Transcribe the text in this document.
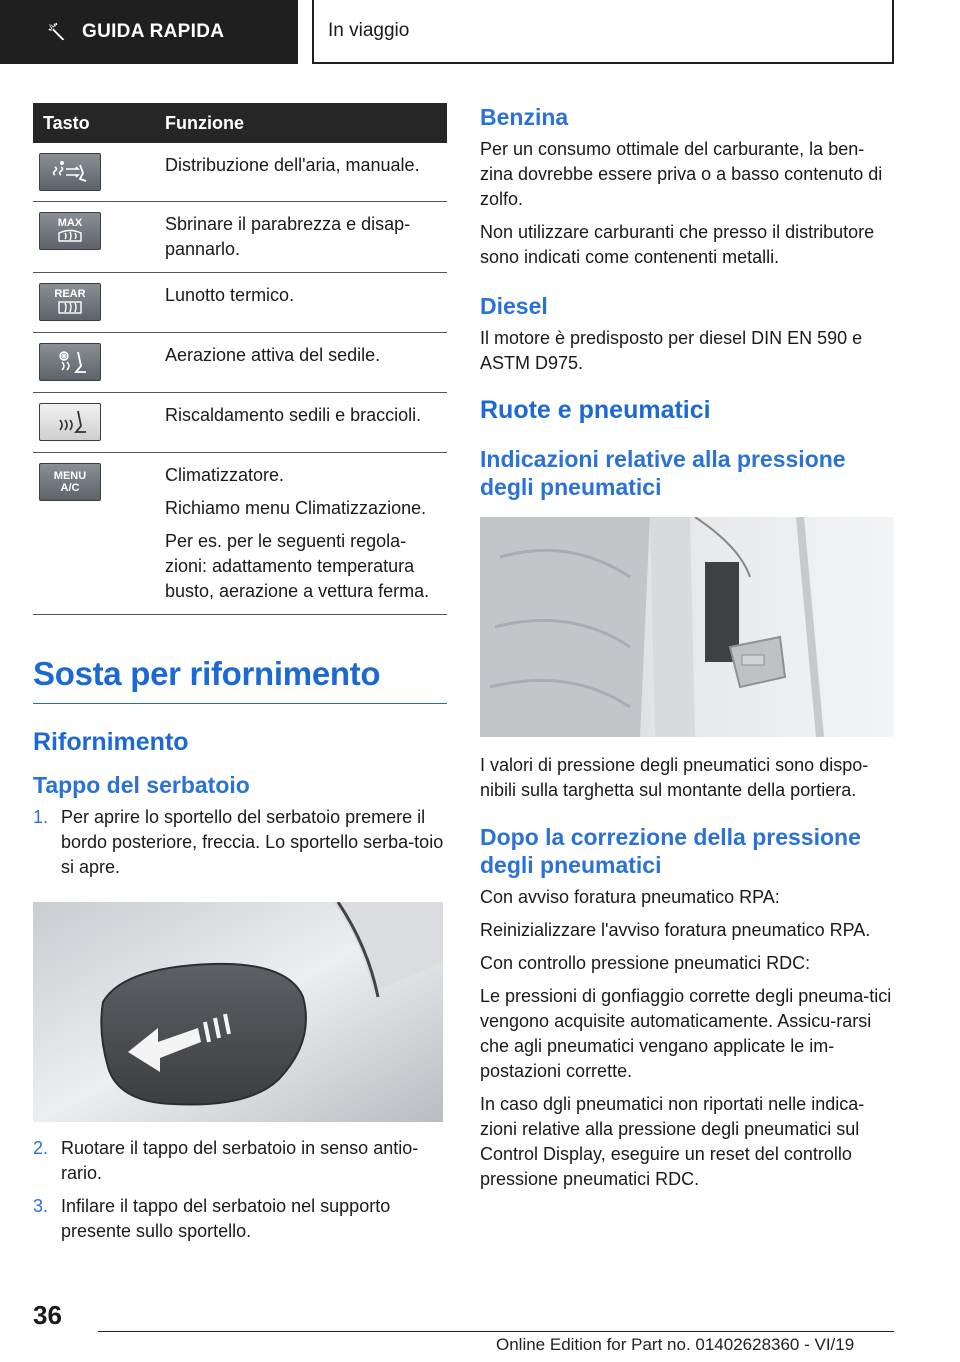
GUIDA RAPIDA	In viaggio
Tasto	Funzione

Distribuzione dell'aria, manuale.

MAX	Sbrinare il parabrezza e disap-pannarlo.

REAR	Lunotto termico.

Aerazione attiva del sedile.

Riscaldamento sedili e braccioli.

MENU A/C	Climatizzatore.

Richiamo menu Climatizzazione.

Per es. per le seguenti regola-zioni: adattamento temperatura busto, aerazione a vettura ferma.

Sosta per rifornimento
Rifornimento
Tappo del serbatoio
1. Per aprire lo sportello del serbatoio premere il bordo posteriore, freccia. Lo sportello serba-toio si apre.
2. Ruotare il tappo del serbatoio in senso antio-rario.
3. Infilare il tappo del serbatoio nel supporto presente sullo sportello.
Benzina

Per un consumo ottimale del carburante, la ben-zina dovrebbe essere priva o a basso contenuto di zolfo.

Non utilizzare carburanti che presso il distributore sono indicati come contenenti metalli.

Diesel

Il motore è predisposto per diesel DIN EN 590 e ASTM D975.

Ruote e pneumatici
Indicazioni relative alla pressione degli pneumatici

I valori di pressione degli pneumatici sono dispo-nibili sulla targhetta sul montante della portiera.

Dopo la correzione della pressione degli pneumatici

Con avviso foratura pneumatico RPA:

Reinizializzare l'avviso foratura pneumatico RPA.

Con controllo pressione pneumatici RDC:

Le pressioni di gonfiaggio corrette degli pneuma-tici vengono acquisite automaticamente. Assicu-rarsi che agli pneumatici vengano applicate le im-postazioni corrette.

In caso dgli pneumatici non riportati nelle indica-zioni relative alla pressione degli pneumatici sul Control Display, eseguire un reset del controllo pressione pneumatici RDC.

36
Online Edition for Part no. 01402628360 - VI/19
